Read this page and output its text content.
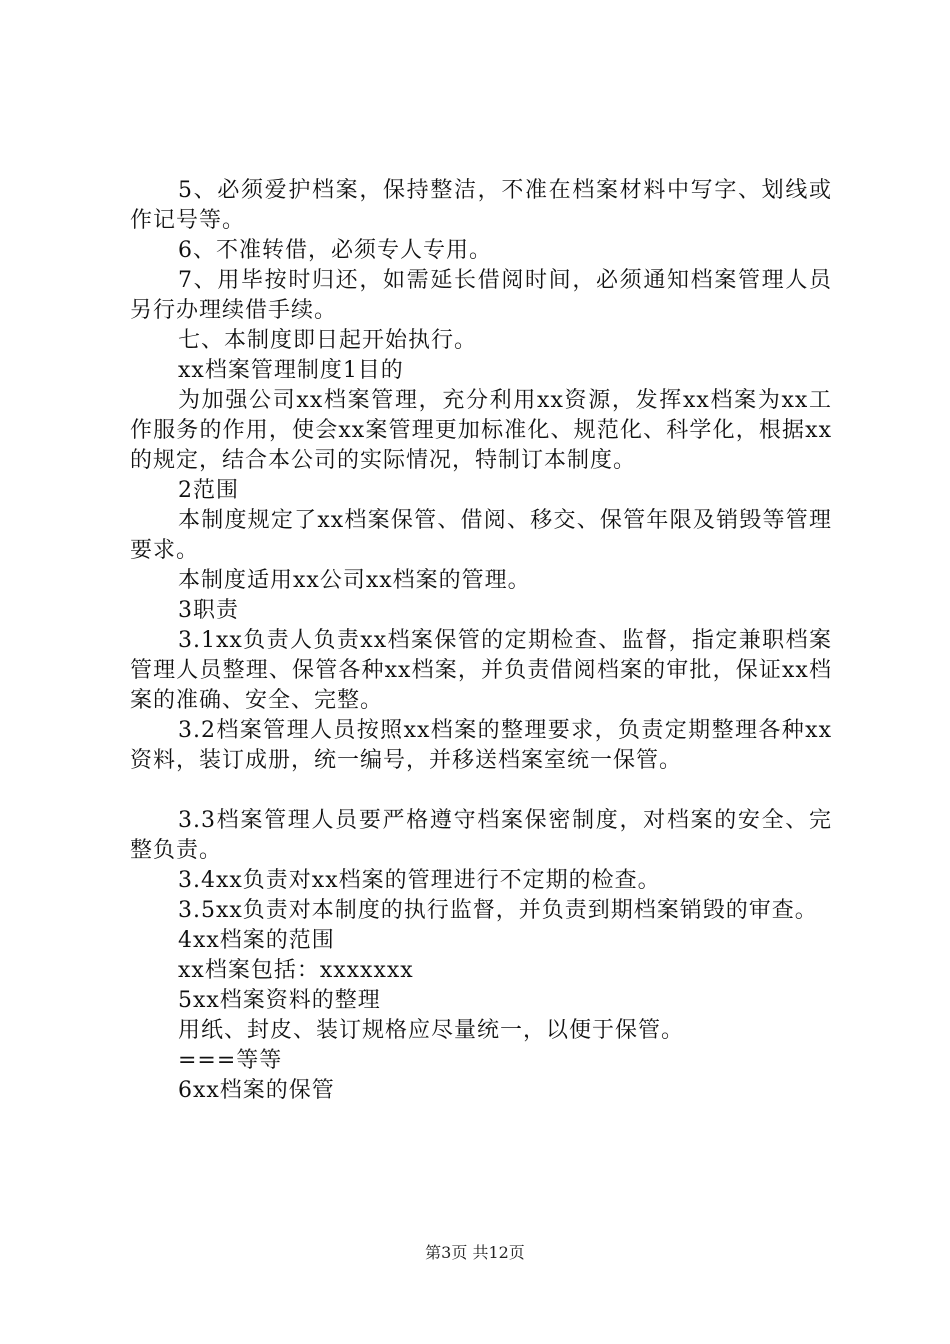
5、必须爱护档案，保持整洁，不准在档案材料中写字、划线或作记号等。

6、不准转借，必须专人专用。

7、用毕按时归还，如需延长借阅时间，必须通知档案管理人员另行办理续借手续。

七、本制度即日起开始执行。

xx档案管理制度1目的

为加强公司xx档案管理，充分利用xx资源，发挥xx档案为xx工作服务的作用，使会xx案管理更加标准化、规范化、科学化，根据xx的规定，结合本公司的实际情况，特制订本制度。

2范围

本制度规定了xx档案保管、借阅、移交、保管年限及销毁等管理要求。

本制度适用xx公司xx档案的管理。

3职责

3.1xx负责人负责xx档案保管的定期检查、监督，指定兼职档案管理人员整理、保管各种xx档案，并负责借阅档案的审批，保证xx档案的准确、安全、完整。

3.2档案管理人员按照xx档案的整理要求，负责定期整理各种xx资料，装订成册，统一编号，并移送档案室统一保管。

3.3档案管理人员要严格遵守档案保密制度，对档案的安全、完整负责。

3.4xx负责对xx档案的管理进行不定期的检查。

3.5xx负责对本制度的执行监督，并负责到期档案销毁的审查。

4xx档案的范围

xx档案包括：xxxxxxx

5xx档案资料的整理

用纸、封皮、装订规格应尽量统一，以便于保管。

===等等

6xx档案的保管

第3页 共12页
